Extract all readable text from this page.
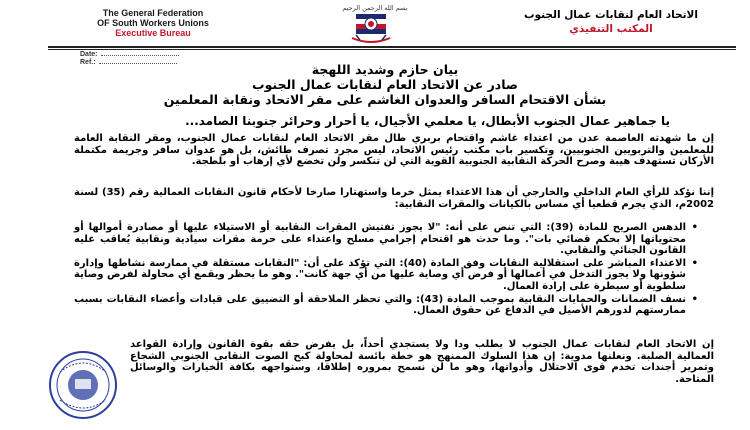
The General Federation
OF South Workers Unions
Executive Bureau
بسم الله الرحمن الرحيم
الاتحاد العام لنقابات عمال الجنوب
المكتب التنفيذي
Date:
Ref.:	بيان حازم وشديد اللهجة
صادر عن الاتحاد العام لنقابات عمال الجنوب
بشأن الاقتحام السافر والعدوان الغاشم على مقر الاتحاد ونقابة المعلمين
يا جماهير عمال الجنوب الأبطال، يا معلمي الأجيال، يا أحرار وحرائر جنوبنا الصامد...
إن ما شهدته العاصمة عدن من اعتداء غاشم واقتحام بربري طال مقر الاتحاد العام لنقابات عمال الجنوب، ومقر النقابة العامة للمعلمين والتربويين الجنوبيين، وتكسير باب مكتب رئيس الاتحاد، ليس مجرد تصرف طائش، بل هو عدوان سافر وجريمة مكتملة الأركان تستهدف هيبة وصرح الحركة النقابية الجنوبية القوية التي لن تنكسر ولن تخضع لأي إرهاب أو بلطجة.
إننا نؤكد للرأي العام الداخلي والخارجي أن هذا الاعتداء يمثل خرما واستهتارا صارخا لأحكام قانون النقابات العمالية رقم (35) لسنة 2002م، الذي يجرم قطعيا أي مساس بالكيانات والمقرات النقابية:
• الدهس الصريح للمادة (39): التي تنص على أنه: "لا يجوز تفتيش المقرات النقابية أو الاستيلاء عليها أو مصادرة أموالها أو محتوياتها إلا بحكم قضائي بات". وما حدث هو اقتحام إجرامي مسلح واعتداء على حرمة مقرات سيادية ونقابية يُعاقب عليه القانون الجنائي والنقابي.
• الاعتداء المباشر على استقلالية النقابات وفق المادة (40): التي تؤكد على أن: "النقابات مستقلة في ممارسة نشاطها وإدارة شؤونها ولا يجوز التدخل في أعمالها أو فرض أي وصاية عليها من أي جهة كانت". وهو ما يحظر ويقمع أي محاولة لفرض وصاية سلطوية أو سيطرة على إرادة العمال.
• نسف الضمانات والحمايات النقابية بموجب المادة (43): والتي تحظر الملاحقة أو التضييق على قيادات وأعضاء النقابات بسبب ممارستهم لدورهم الأصيل في الدفاع عن حقوق العمال.
إن الاتحاد العام لنقابات عمال الجنوب لا يطلب ودا ولا يستجدي أحداً، بل يفرض حقه بقوة القانون وإرادة القواعد العمالية الصلبة. ونعلنها مدوية: إن هذا السلوك الممنهج هو خطة بائسة لمحاولة كبح الصوت النقابي الجنوبي الشجاع وتمرير أجندات تخدم قوى الاحتلال وأدواتها، وهو ما لن نسمح بمروره إطلاقا، وسنواجهه بكافة الخيارات والوسائل المتاحة.
